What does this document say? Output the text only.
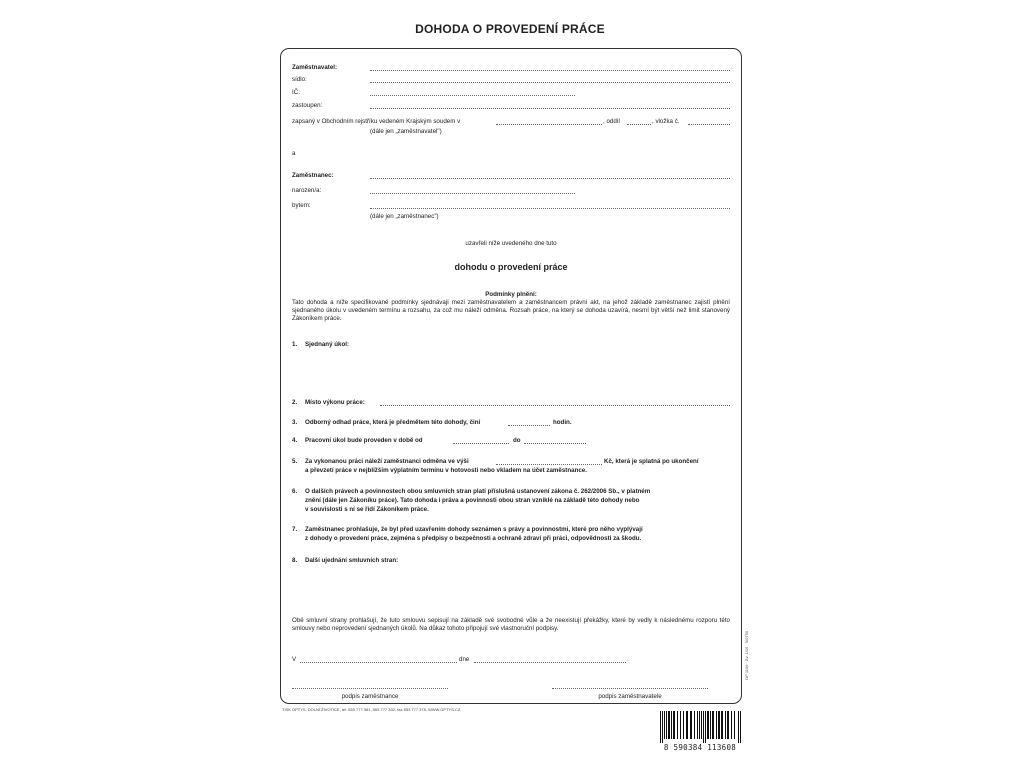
DOHODA O PROVEDENÍ PRÁCE
Zaměstnavatel:
sídlo:
IČ:
zastoupen:
zapsaný v Obchodním rejstříku vedeném Krajským soudem v	, oddíl	, vložka č.
(dále jen „zaměstnavatel")
a
Zaměstnanec:
narozen/a:
bytem:
(dále jen „zaměstnanec")
uzavřeli níže uvedeného dne tuto
dohodu o provedení práce
Podmínky plnění:
Tato dohoda a níže specifikované podmínky sjednávají mezi zaměstnavatelem a zaměstnancem právní akt, na jehož základě zaměstnanec zajistí plnění sjednaného úkolu v uvedeném termínu a rozsahu, za což mu náleží odměna. Rozsah práce, na který se dohoda uzavírá, nesmí být větší než limit stanovený Zákoníkem práce.
1. Sjednaný úkol:
2. Místo výkonu práce:
3. Odborný odhad práce, která je předmětem této dohody, činí	hodin.
4. Pracovní úkol bude proveden v době od	do
5. Za vykonanou práci náleží zaměstnanci odměna ve výši	Kč, která je splatná po ukončení
a převzetí práce v nejbližším výplatním termínu v hotovosti nebo vkladem na účet zaměstnance.
6. O dalších právech a povinnostech obou smluvních stran platí příslušná ustanovení zákona č. 262/2006 Sb., v platném
znění (dále jen Zákoníku práce). Tato dohoda i práva a povinnosti obou stran vzniklé na základě této dohody nebo
v souvislosti s ní se řídí Zákoníkem práce.
7. Zaměstnanec prohlašuje, že byl před uzavřením dohody seznámen s právy a povinnostmi, které pro něho vyplývají
z dohody o provedení práce, zejména s předpisy o bezpečnosti a ochraně zdraví při práci, odpovědnosti za škodu.
8. Další ujednání smluvních stran:
Obě smluvní strany prohlašují, že tuto smlouvu sepisují na základě své svobodné vůle a že neexistují překážky, které by vedly k následnému rozporu této smlouvy nebo neprovedení sjednaných úkolů. Na důkaz tohoto připojují své vlastnoruční podpisy.
V	dne
podpis zaměstnance	podpis zaměstnavatele
TISK OPTYS, DOLNÍ ŽIVOTICE, tel. 553 777 381, 553 777 332, fax 553 777 378, WWW.OPTYS.CZ
OP 1106 · Ev. 1/16 · 5/0750
8 590384 113608
